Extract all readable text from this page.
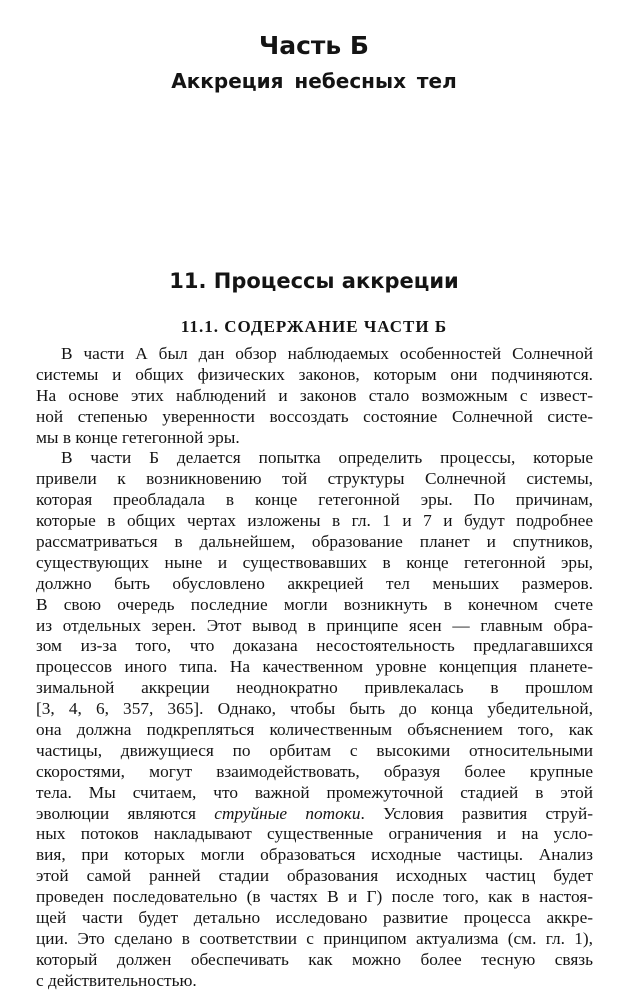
Часть Б
Аккреция небесных тел
11. Процессы аккреции
11.1. СОДЕРЖАНИЕ ЧАСТИ Б
В части А был дан обзор наблюдаемых особенностей Солнечной
системы и общих физических законов, которым они подчиняются.
На основе этих наблюдений и законов стало возможным с извест-
ной степенью уверенности воссоздать состояние Солнечной систе-
мы в конце гетегонной эры.
В части Б делается попытка определить процессы, которые
привели к возникновению той структуры Солнечной системы,
которая преобладала в конце гетегонной эры. По причинам,
которые в общих чертах изложены в гл. 1 и 7 и будут подробнее
рассматриваться в дальнейшем, образование планет и спутников,
существующих ныне и существовавших в конце гетегонной эры,
должно быть обусловлено аккрецией тел меньших размеров.
В свою очередь последние могли возникнуть в конечном счете
из отдельных зерен. Этот вывод в принципе ясен — главным обра-
зом из-за того, что доказана несостоятельность предлагавшихся
процессов иного типа. На качественном уровне концепция планете-
зимальной аккреции неоднократно привлекалась в прошлом
[3, 4, 6, 357, 365]. Однако, чтобы быть до конца убедительной,
она должна подкрепляться количественным объяснением того, как
частицы, движущиеся по орбитам с высокими относительными
скоростями, могут взаимодействовать, образуя более крупные
тела. Мы считаем, что важной промежуточной стадией в этой
эволюции являются струйные потоки. Условия развития струй-
ных потоков накладывают существенные ограничения и на усло-
вия, при которых могли образоваться исходные частицы. Анализ
этой самой ранней стадии образования исходных частиц будет
проведен последовательно (в частях В и Г) после того, как в настоя-
щей части будет детально исследовано развитие процесса аккре-
ции. Это сделано в соответствии с принципом актуализма (см. гл. 1),
который должен обеспечивать как можно более тесную связь
с действительностью.
